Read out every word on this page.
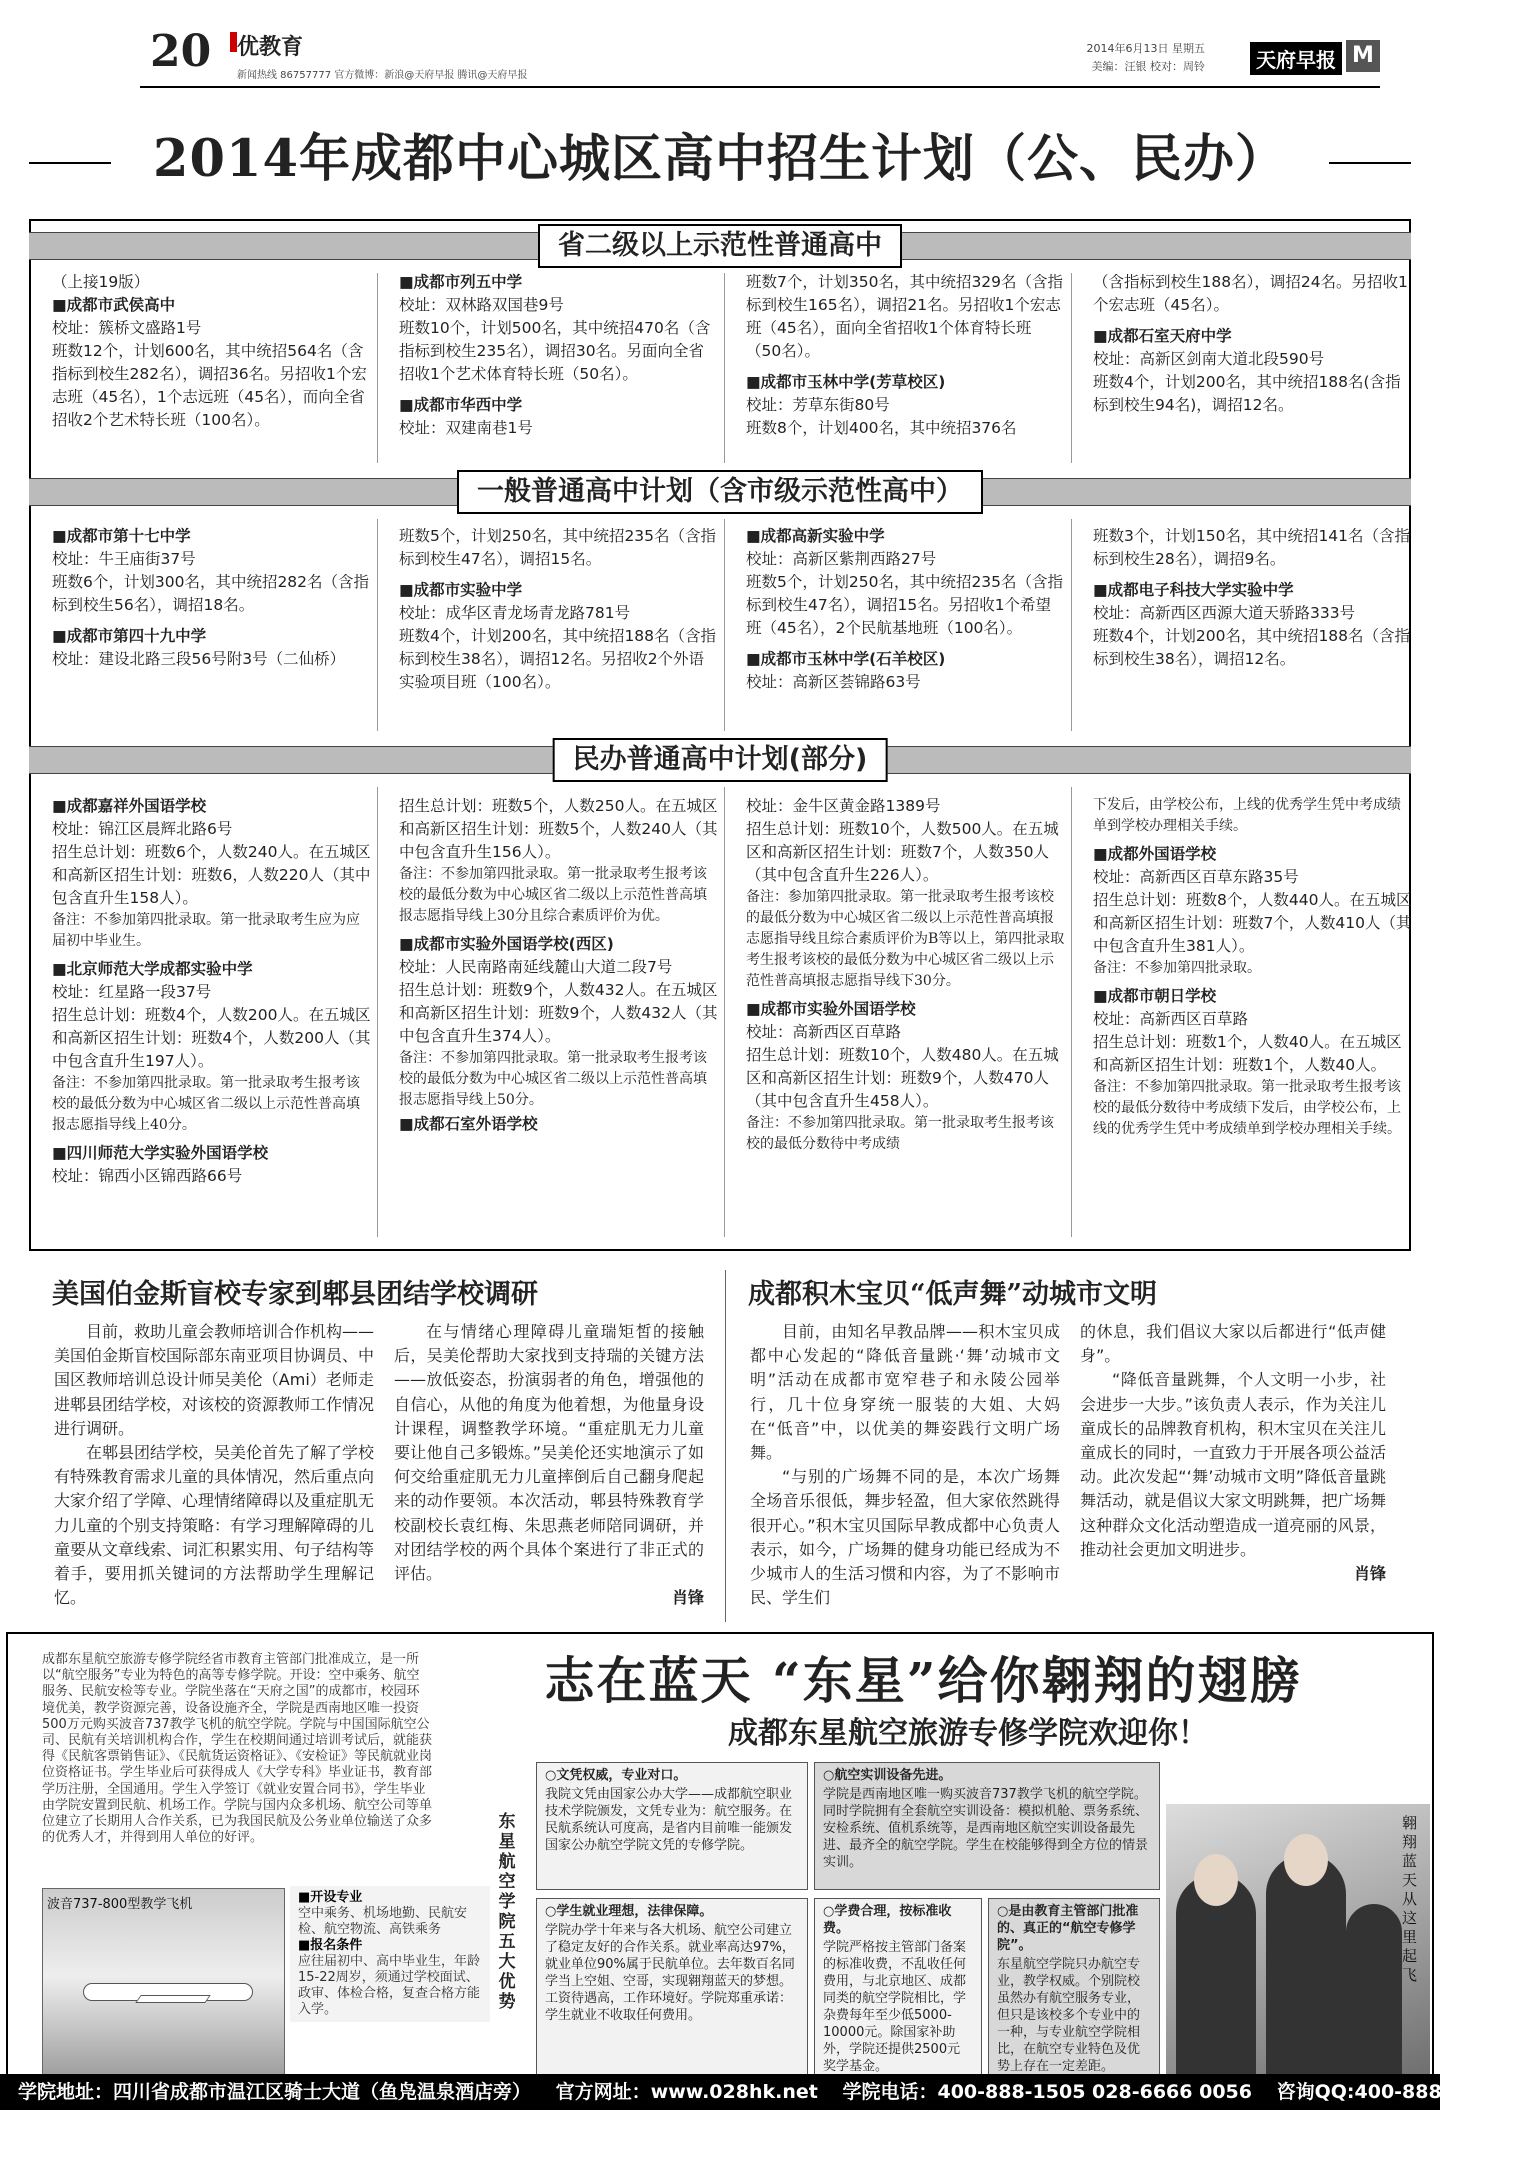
20 优教育
新闻热线 86757777 官方微博：新浪@天府早报 腾讯@天府早报
2014年6月13日 星期五
美编：汪银 校对：周铃	天府早报 M
2014年成都中心城区高中招生计划（公、民办）
省二级以上示范性普通高中
一般普通高中计划（含市级示范性高中）
民办普通高中计划(部分)

（上接19版）

■成都市武侯高中

校址：簇桥文盛路1号

班数12个，计划600名，其中统招564名（含指标到校生282名），调招36名。另招收1个宏志班（45名），1个志远班（45名），而向全省招收2个艺术特长班（100名）。

■成都市列五中学

校址：双林路双国巷9号

班数10个，计划500名，其中统招470名（含指标到校生235名），调招30名。另面向全省招收1个艺术体育特长班（50名）。

■成都市华西中学

校址：双建南巷1号

班数7个，计划350名，其中统招329名（含指标到校生165名），调招21名。另招收1个宏志班（45名），面向全省招收1个体育特长班（50名）。

■成都市玉林中学(芳草校区)

校址：芳草东街80号

班数8个，计划400名，其中统招376名

（含指标到校生188名），调招24名。另招收1个宏志班（45名）。

■成都石室天府中学

校址：高新区剑南大道北段590号

班数4个，计划200名，其中统招188名(含指标到校生94名)，调招12名。

■成都市第十七中学

校址：牛王庙街37号

班数6个，计划300名，其中统招282名（含指标到校生56名），调招18名。

■成都市第四十九中学

校址：建设北路三段56号附3号（二仙桥）

班数5个，计划250名，其中统招235名（含指标到校生47名），调招15名。

■成都市实验中学

校址：成华区青龙场青龙路781号

班数4个，计划200名，其中统招188名（含指标到校生38名），调招12名。另招收2个外语实验项目班（100名）。

■成都高新实验中学

校址：高新区紫荆西路27号

班数5个，计划250名，其中统招235名（含指标到校生47名），调招15名。另招收1个希望班（45名），2个民航基地班（100名）。

■成都市玉林中学(石羊校区)

校址：高新区荟锦路63号

班数3个，计划150名，其中统招141名（含指标到校生28名），调招9名。

■成都电子科技大学实验中学

校址：高新西区西源大道天骄路333号

班数4个，计划200名，其中统招188名（含指标到校生38名），调招12名。

■成都嘉祥外国语学校

校址：锦江区晨辉北路6号

招生总计划：班数6个，人数240人。在五城区和高新区招生计划：班数6，人数220人（其中包含直升生158人）。

备注：不参加第四批录取。第一批录取考生应为应届初中毕业生。

■北京师范大学成都实验中学

校址：红星路一段37号

招生总计划：班数4个，人数200人。在五城区和高新区招生计划：班数4个，人数200人（其中包含直升生197人）。

备注：不参加第四批录取。第一批录取考生报考该校的最低分数为中心城区省二级以上示范性普高填报志愿指导线上40分。

■四川师范大学实验外国语学校

校址：锦西小区锦西路66号

招生总计划：班数5个，人数250人。在五城区和高新区招生计划：班数5个，人数240人（其中包含直升生156人）。

备注：不参加第四批录取。第一批录取考生报考该校的最低分数为中心城区省二级以上示范性普高填报志愿指导线上30分且综合素质评价为优。

■成都市实验外国语学校(西区)

校址：人民南路南延线麓山大道二段7号

招生总计划：班数9个，人数432人。在五城区和高新区招生计划：班数9个，人数432人（其中包含直升生374人）。

备注：不参加第四批录取。第一批录取考生报考该校的最低分数为中心城区省二级以上示范性普高填报志愿指导线上50分。

■成都石室外语学校

校址：金牛区黄金路1389号

招生总计划：班数10个，人数500人。在五城区和高新区招生计划：班数7个，人数350人（其中包含直升生226人）。

备注：参加第四批录取。第一批录取考生报考该校的最低分数为中心城区省二级以上示范性普高填报志愿指导线且综合素质评价为B等以上，第四批录取考生报考该校的最低分数为中心城区省二级以上示范性普高填报志愿指导线下30分。

■成都市实验外国语学校

校址：高新西区百草路

招生总计划：班数10个，人数480人。在五城区和高新区招生计划：班数9个，人数470人（其中包含直升生458人）。

备注：不参加第四批录取。第一批录取考生报考该校的最低分数待中考成绩

下发后，由学校公布，上线的优秀学生凭中考成绩单到学校办理相关手续。

■成都外国语学校

校址：高新西区百草东路35号

招生总计划：班数8个，人数440人。在五城区和高新区招生计划：班数7个，人数410人（其中包含直升生381人）。

备注：不参加第四批录取。

■成都市朝日学校

校址：高新西区百草路

招生总计划：班数1个，人数40人。在五城区和高新区招生计划：班数1个，人数40人。

备注：不参加第四批录取。第一批录取考生报考该校的最低分数待中考成绩下发后，由学校公布，上线的优秀学生凭中考成绩单到学校办理相关手续。

美国伯金斯盲校专家到郫县团结学校调研

目前，救助儿童会教师培训合作机构——美国伯金斯盲校国际部东南亚项目协调员、中国区教师培训总设计师吴美伦（Ami）老师走进郫县团结学校，对该校的资源教师工作情况进行调研。

在郫县团结学校，吴美伦首先了解了学校有特殊教育需求儿童的具体情况，然后重点向大家介绍了学障、心理情绪障碍以及重症肌无力儿童的个别支持策略：有学习理解障碍的儿童要从文章线索、词汇积累实用、句子结构等着手，要用抓关键词的方法帮助学生理解记忆。

在与情绪心理障碍儿童瑞矩皙的接触后，吴美伦帮助大家找到支持瑞的关键方法——放低姿态，扮演弱者的角色，增强他的自信心，从他的角度为他着想，为他量身设计课程，调整教学环境。“重症肌无力儿童要让他自己多锻炼。”吴美伦还实地演示了如何交给重症肌无力儿童摔倒后自己翻身爬起来的动作要领。本次活动，郫县特殊教育学校副校长袁红梅、朱思燕老师陪同调研，并对团结学校的两个具体个案进行了非正式的评估。

肖锋

成都积木宝贝“低声舞”动城市文明

目前，由知名早教品牌——积木宝贝成都中心发起的“降低音量跳·‘舞’动城市文明”活动在成都市宽窄巷子和永陵公园举行，几十位身穿统一服装的大姐、大妈在“低音”中，以优美的舞姿践行文明广场舞。

“与别的广场舞不同的是，本次广场舞全场音乐很低，舞步轻盈，但大家依然跳得很开心。”积木宝贝国际早教成都中心负责人表示，如今，广场舞的健身功能已经成为不少城市人的生活习惯和内容，为了不影响市民、学生们

的休息，我们倡议大家以后都进行“低声健身”。

“降低音量跳舞，个人文明一小步，社会进步一大步。”该负责人表示，作为关注儿童成长的品牌教育机构，积木宝贝在关注儿童成长的同时，一直致力于开展各项公益活动。此次发起“‘舞’动城市文明”降低音量跳舞活动，就是倡议大家文明跳舞，把广场舞这种群众文化活动塑造成一道亮丽的风景，推动社会更加文明进步。

肖锋

成都东星航空旅游专修学院经省市教育主管部门批准成立，是一所以“航空服务”专业为特色的高等专修学院。开设：空中乘务、航空服务、民航安检等专业。学院坐落在“天府之国”的成都市，校园环境优美，教学资源完善，设备设施齐全，学院是西南地区唯一投资500万元购买波音737教学飞机的航空学院。学院与中国国际航空公司、民航有关培训机构合作，学生在校期间通过培训考试后，就能获得《民航客票销售证》、《民航货运资格证》、《安检证》等民航就业岗位资格证书。学生毕业后可获得成人《大学专科》毕业证书，教育部学历注册，全国通用。学生入学签订《就业安置合同书》，学生毕业由学院安置到民航、机场工作。学院与国内众多机场、航空公司等单位建立了长期用人合作关系，已为我国民航及公务业单位输送了众多的优秀人才，并得到用人单位的好评。
波音737-800型教学飞机	■开设专业

空中乘务、机场地勤、民航安检、航空物流、高铁乘务

■报名条件

应往届初中、高中毕业生，年龄15-22周岁，须通过学校面试、政审、体检合格，复查合格方能入学。

东星航空学院五大优势
志在蓝天 “东星”给你翱翔的翅膀
成都东星航空旅游专修学院欢迎你！

○文凭权威，专业对口。

我院文凭由国家公办大学——成都航空职业技术学院颁发，文凭专业为：航空服务。在民航系统认可度高，是省内目前唯一能颁发国家公办航空学院文凭的专修学院。

○航空实训设备先进。

学院是西南地区唯一购买波音737教学飞机的航空学院。同时学院拥有全套航空实训设备：模拟机舱、票务系统、安检系统、值机系统等，是西南地区航空实训设备最先进、最齐全的航空学院。学生在校能够得到全方位的情景实训。

○学生就业理想，法律保障。

学院办学十年来与各大机场、航空公司建立了稳定友好的合作关系。就业率高达97%，就业单位90%属于民航单位。去年数百名同学当上空姐、空哥，实现翱翔蓝天的梦想。工资待遇高，工作环境好。学院郑重承诺：学生就业不收取任何费用。

○学费合理，按标准收费。

学院严格按主管部门备案的标准收费，不乱收任何费用，与北京地区、成都同类的航空学院相比，学杂费每年至少低5000-10000元。除国家补助外，学院还提供2500元奖学基金。

○是由教育主管部门批准的、真正的“航空专修学院”。

东星航空学院只办航空专业，教学权威。个别院校虽然办有航空服务专业，但只是该校多个专业中的一种，与专业航空学院相比，在航空专业特色及优势上存在一定差距。

翱翔蓝天从这里起飞
学院地址：四川省成都市温江区骑士大道（鱼凫温泉酒店旁） 官方网址：www.028hk.net 学院电话：400-888-1505 028-6666 0056 咨询QQ:400-888-1505
